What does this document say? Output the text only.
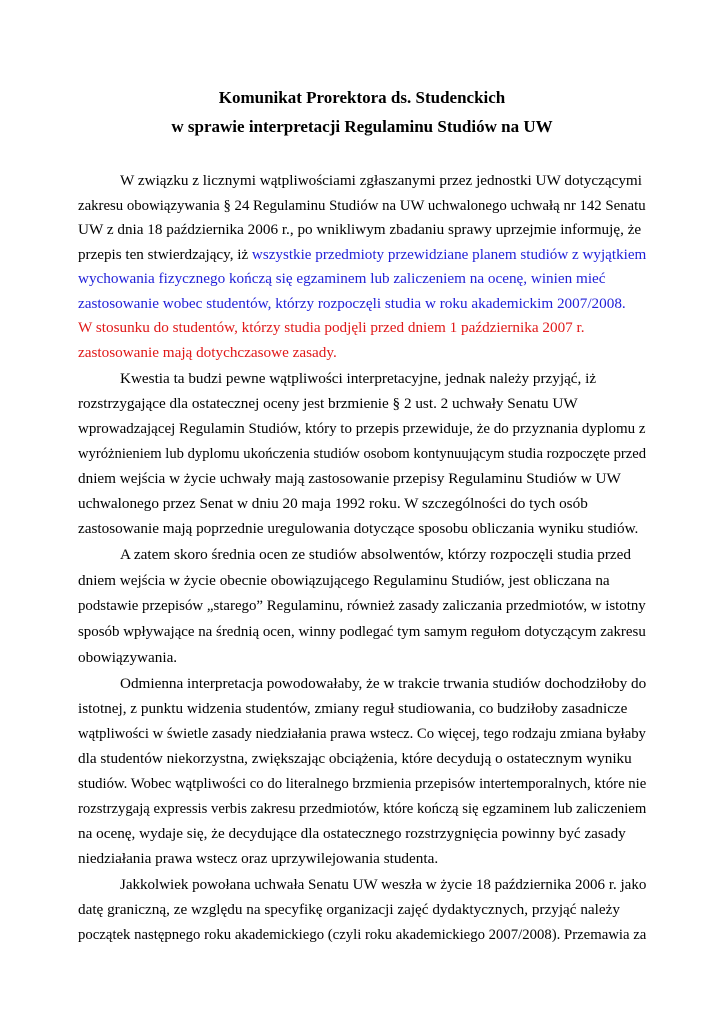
Komunikat Prorektora ds. Studenckich
w sprawie interpretacji Regulaminu Studiów na UW
W związku z licznymi wątpliwościami zgłaszanymi przez jednostki UW dotyczącymi
zakresu obowiązywania § 24 Regulaminu Studiów na UW uchwalonego uchwałą nr 142 Senatu
UW z dnia 18 października 2006 r., po wnikliwym zbadaniu sprawy uprzejmie informuję, że
przepis ten stwierdzający, iż wszystkie przedmioty przewidziane planem studiów z wyjątkiem
wychowania fizycznego kończą się egzaminem lub zaliczeniem na ocenę, winien mieć
zastosowanie wobec studentów, którzy rozpoczęli studia w roku akademickim 2007/2008.
W stosunku do studentów, którzy studia podjęli przed dniem 1 października 2007 r.
zastosowanie mają dotychczasowe zasady.
Kwestia ta budzi pewne wątpliwości interpretacyjne, jednak należy przyjąć, iż
rozstrzygające dla ostatecznej oceny jest brzmienie § 2 ust. 2 uchwały Senatu UW
wprowadzającej Regulamin Studiów, który to przepis przewiduje, że do przyznania dyplomu z
wyróżnieniem lub dyplomu ukończenia studiów osobom kontynuującym studia rozpoczęte przed
dniem wejścia w życie uchwały mają zastosowanie przepisy Regulaminu Studiów w UW
uchwalonego przez Senat w dniu 20 maja 1992 roku. W szczególności do tych osób
zastosowanie mają poprzednie uregulowania dotyczące sposobu obliczania wyniku studiów.
A zatem skoro średnia ocen ze studiów absolwentów, którzy rozpoczęli studia przed
dniem wejścia w życie obecnie obowiązującego Regulaminu Studiów, jest obliczana na
podstawie przepisów „starego” Regulaminu, również zasady zaliczania przedmiotów, w istotny
sposób wpływające na średnią ocen, winny podlegać tym samym regułom dotyczącym zakresu
obowiązywania.
Odmienna interpretacja powodowałaby, że w trakcie trwania studiów dochodziłoby do
istotnej, z punktu widzenia studentów, zmiany reguł studiowania, co budziłoby zasadnicze
wątpliwości w świetle zasady niedziałania prawa wstecz. Co więcej, tego rodzaju zmiana byłaby
dla studentów niekorzystna, zwiększając obciążenia, które decydują o ostatecznym wyniku
studiów. Wobec wątpliwości co do literalnego brzmienia przepisów intertemporalnych, które nie
rozstrzygają expressis verbis zakresu przedmiotów, które kończą się egzaminem lub zaliczeniem
na ocenę, wydaje się, że decydujące dla ostatecznego rozstrzygnięcia powinny być zasady
niedziałania prawa wstecz oraz uprzywilejowania studenta.
Jakkolwiek powołana uchwała Senatu UW weszła w życie 18 października 2006 r. jako
datę graniczną, ze względu na specyfikę organizacji zajęć dydaktycznych, przyjąć należy
początek następnego roku akademickiego (czyli roku akademickiego 2007/2008). Przemawia za
